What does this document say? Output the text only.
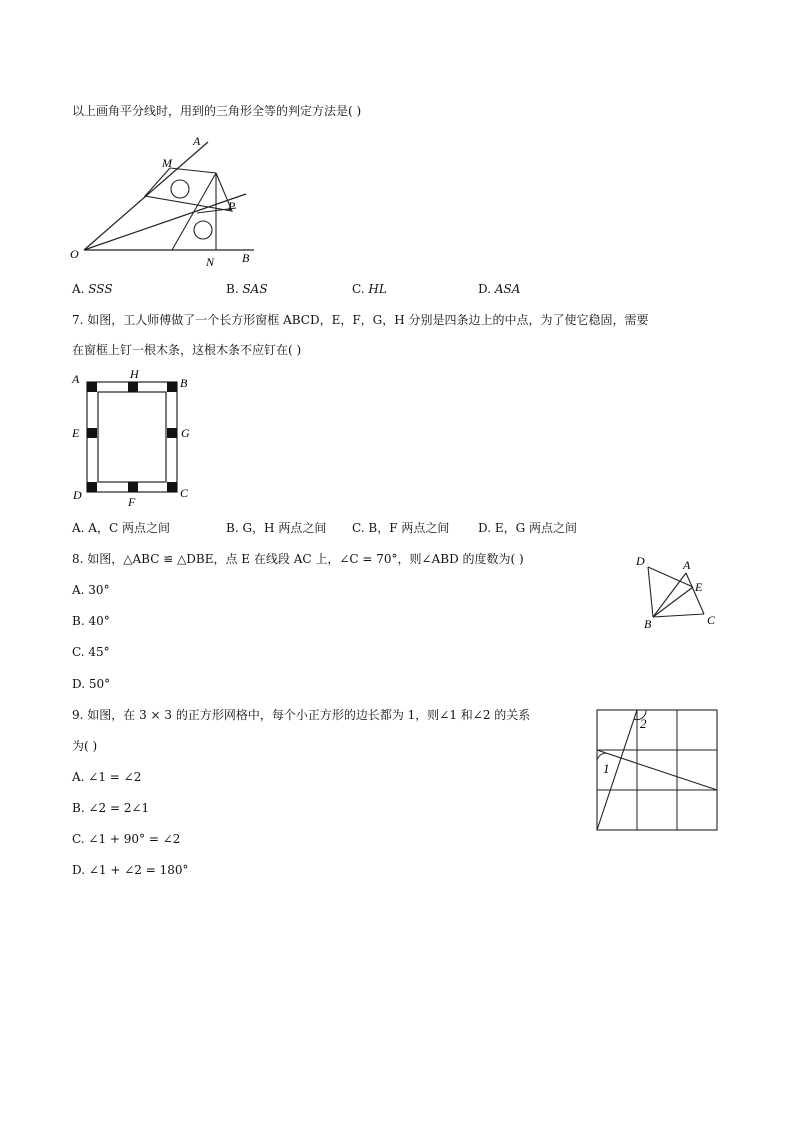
以上画角平分线时，用到的三角形全等的判定方法是( )
A
M
O
P
N B
A. SSS	B. SAS	C. HL	D. ASA
7. 如图，工人师傅做了一个长方形窗框 ABCD，E，F，G，H 分别是四条边上的中点，为了使它稳固，需要
在窗框上钉一根木条，这根木条不应钉在( )
A	H
B
E	G
D	F
C
A. A，C 两点之间	B. G，H 两点之间 C. B，F 两点之间 D. E，G 两点之间
8. 如图，△ABC ≌ △DBE，点 E 在线段 AC 上，∠C = 70°，则∠ABD 的度数为( )	D	A
E
B	C
A. 30°
B. 40°
C. 45°
D. 50°
9. 如图，在 3 × 3 的正方形网格中，每个小正方形的边长都为 1，则∠1 和∠2 的关系
为( )
1
2
A. ∠1 = ∠2
B. ∠2 = 2∠1
C. ∠1 + 90° = ∠2
D. ∠1 + ∠2 = 180°
